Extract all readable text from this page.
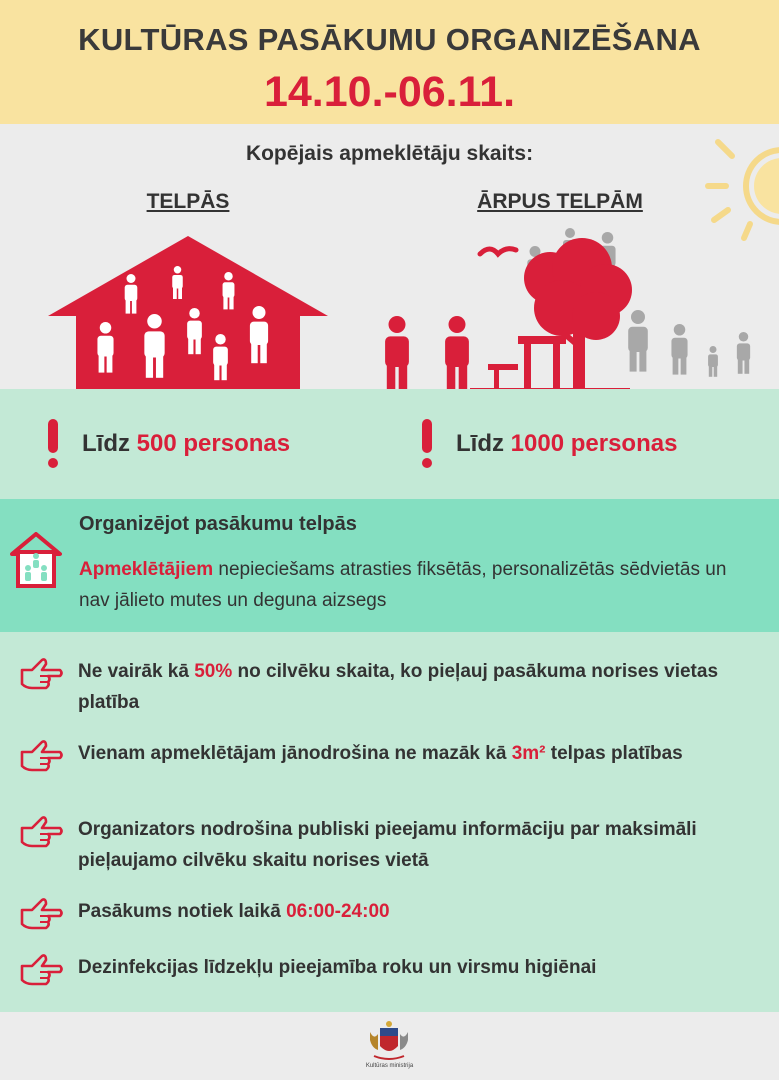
KULTŪRAS PASĀKUMU ORGANIZĒŠANA
14.10.-06.11.
Kopējais apmeklētāju skaits:
TELPĀS	ĀRPUS TELPĀM
Līdz 500 personas	Līdz 1000 personas
Organizējot pasākumu telpās
Apmeklētājiem nepieciešams atrasties fiksētās, personalizētās sēdvietās un nav jālieto mutes un deguna aizsegs
Ne vairāk kā 50% no cilvēku skaita, ko pieļauj pasākuma norises vietas platība
Vienam apmeklētājam jānodrošina ne mazāk kā 3m² telpas platības
Organizators nodrošina publiski pieejamu informāciju par maksimāli pieļaujamo cilvēku skaitu norises vietā
Pasākums notiek laikā 06:00-24:00
Dezinfekcijas līdzekļu pieejamība roku un virsmu higiēnai
Kultūras ministrija
